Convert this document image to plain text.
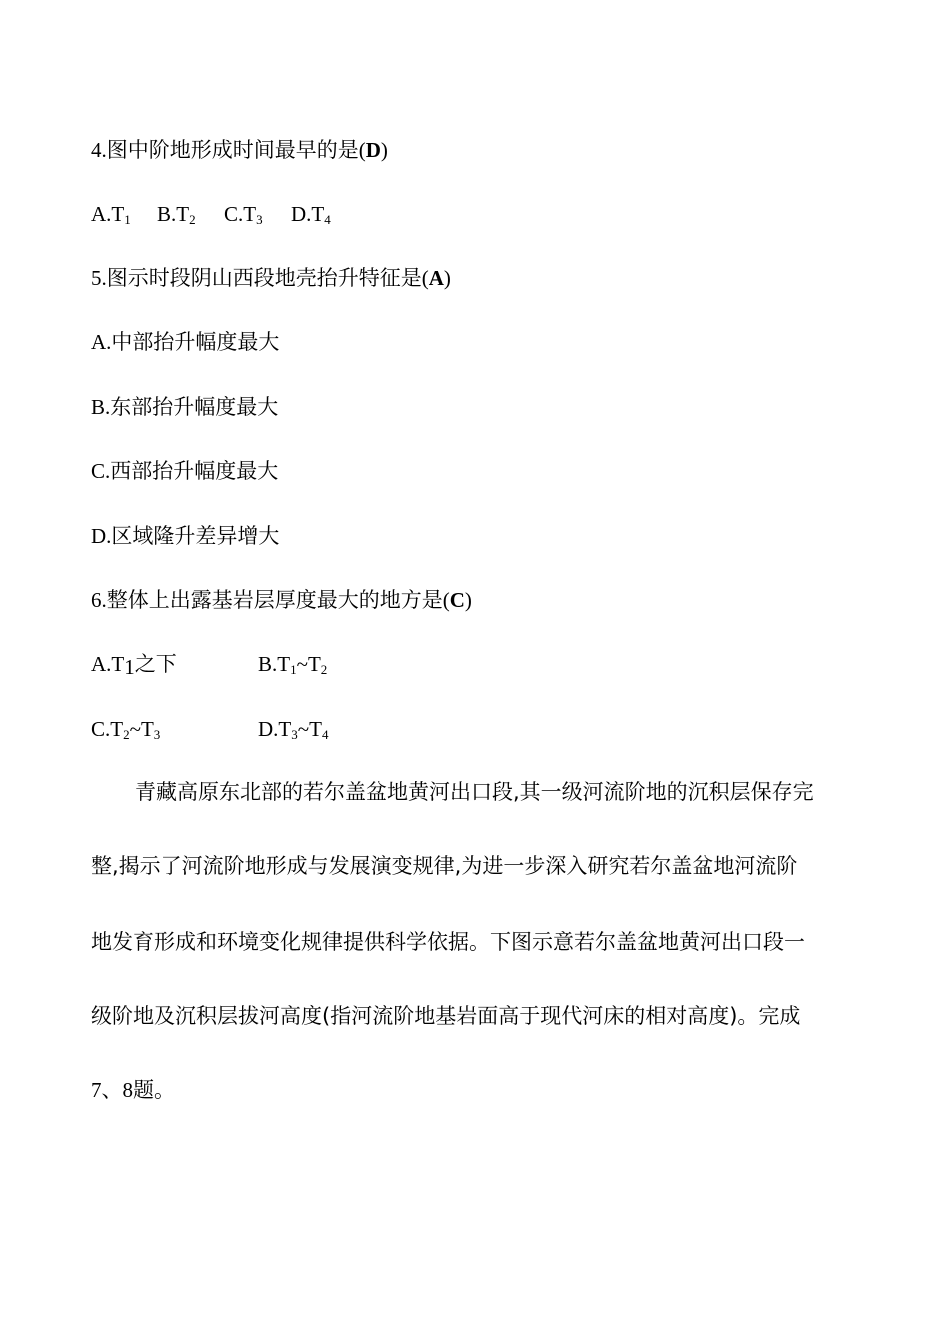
4.图中阶地形成时间最早的是(D)
$A.T_1$ $B.T_2$ $C.T_3$ $D.T_4$
5.图示时段阴山西段地壳抬升特征是(A)
A.中部抬升幅度最大
B.东部抬升幅度最大
C.西部抬升幅度最大
D.区域隆升差异增大
6.整体上出露基岩层厚度最大的地方是(C)
$A.T_1$之下	$B.T_1\sim T_2$
$C.T_2\sim T_3$	$D.T_3\sim T_4$
青藏高原东北部的若尔盖盆地黄河出口段,其一级河流阶地的沉积层保存完
整,揭示了河流阶地形成与发展演变规律,为进一步深入研究若尔盖盆地河流阶
地发育形成和环境变化规律提供科学依据。下图示意若尔盖盆地黄河出口段一
级阶地及沉积层拔河高度(指河流阶地基岩面高于现代河床的相对高度)。完成
7、8题。
